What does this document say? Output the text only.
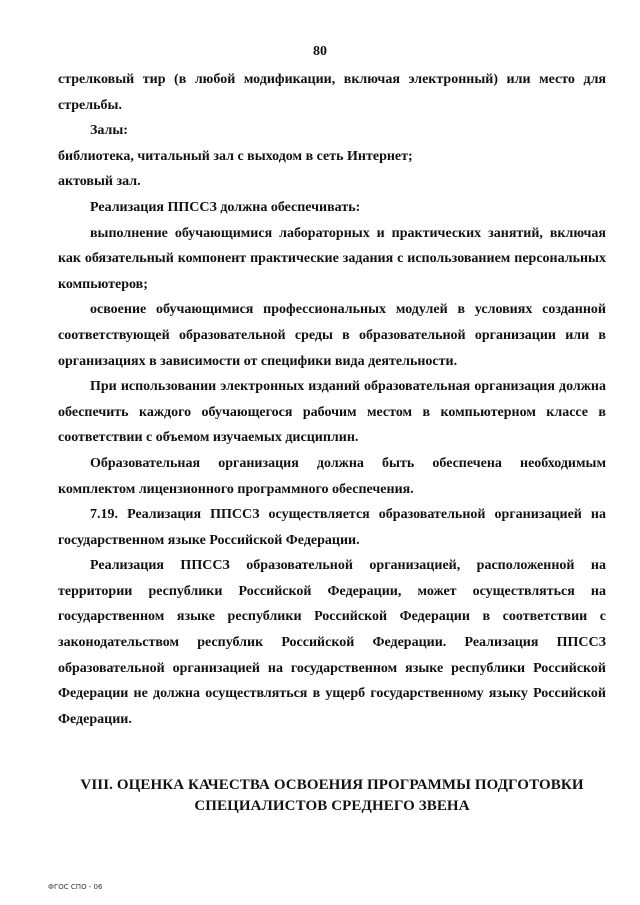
80

стрелковый тир (в любой модификации, включая электронный) или место для стрельбы.

Залы:

библиотека, читальный зал с выходом в сеть Интернет;

актовый зал.

Реализация ППССЗ должна обеспечивать:

выполнение обучающимися лабораторных и практических занятий, включая как обязательный компонент практические задания с использованием персональных компьютеров;

освоение обучающимися профессиональных модулей в условиях созданной соответствующей образовательной среды в образовательной организации или в организациях в зависимости от специфики вида деятельности.

При использовании электронных изданий образовательная организация должна обеспечить каждого обучающегося рабочим местом в компьютерном классе в соответствии с объемом изучаемых дисциплин.

Образовательная организация должна быть обеспечена необходимым комплектом лицензионного программного обеспечения.

7.19. Реализация ППССЗ осуществляется образовательной организацией на государственном языке Российской Федерации.

Реализация ППССЗ образовательной организацией, расположенной на территории республики Российской Федерации, может осуществляться на государственном языке республики Российской Федерации в соответствии с законодательством республик Российской Федерации. Реализация ППССЗ образовательной организацией на государственном языке республики Российской Федерации не должна осуществляться в ущерб государственному языку Российской Федерации.

VIII. ОЦЕНКА КАЧЕСТВА ОСВОЕНИЯ ПРОГРАММЫ ПОДГОТОВКИ
СПЕЦИАЛИСТОВ СРЕДНЕГО ЗВЕНА
ФГОС СПО - 06
